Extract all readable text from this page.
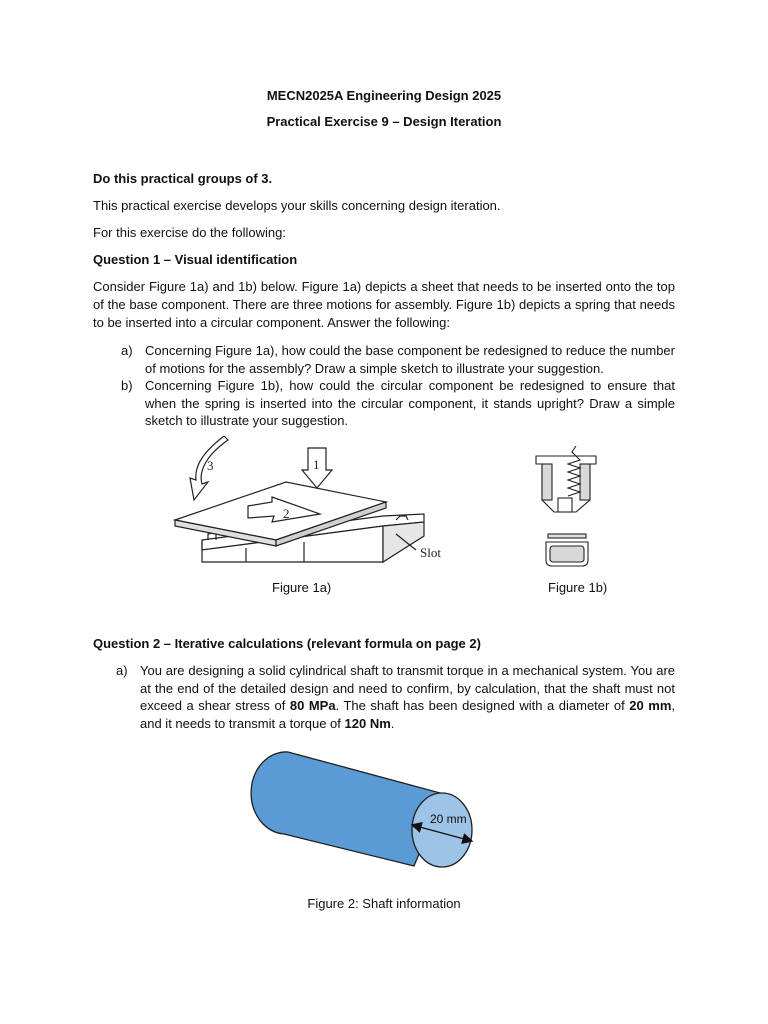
MECN2025A Engineering Design 2025
Practical Exercise 9 – Design Iteration
Do this practical groups of 3.
This practical exercise develops your skills concerning design iteration.
For this exercise do the following:
Question 1 – Visual identification
Consider Figure 1a) and 1b) below. Figure 1a) depicts a sheet that needs to be inserted onto the top of the base component. There are three motions for assembly. Figure 1b) depicts a spring that needs to be inserted into a circular component. Answer the following:
a) Concerning Figure 1a), how could the base component be redesigned to reduce the number of motions for the assembly? Draw a simple sketch to illustrate your suggestion.
b) Concerning Figure 1b), how could the circular component be redesigned to ensure that when the spring is inserted into the circular component, it stands upright? Draw a simple sketch to illustrate your suggestion.
1
2
3
Slot
Figure 1a)	Figure 1b)
Question 2 – Iterative calculations (relevant formula on page 2)
a) You are designing a solid cylindrical shaft to transmit torque in a mechanical system. You are at the end of the detailed design and need to confirm, by calculation, that the shaft must not exceed a shear stress of 80 MPa. The shaft has been designed with a diameter of 20 mm, and it needs to transmit a torque of 120 Nm.
20 mm
Figure 2: Shaft information
